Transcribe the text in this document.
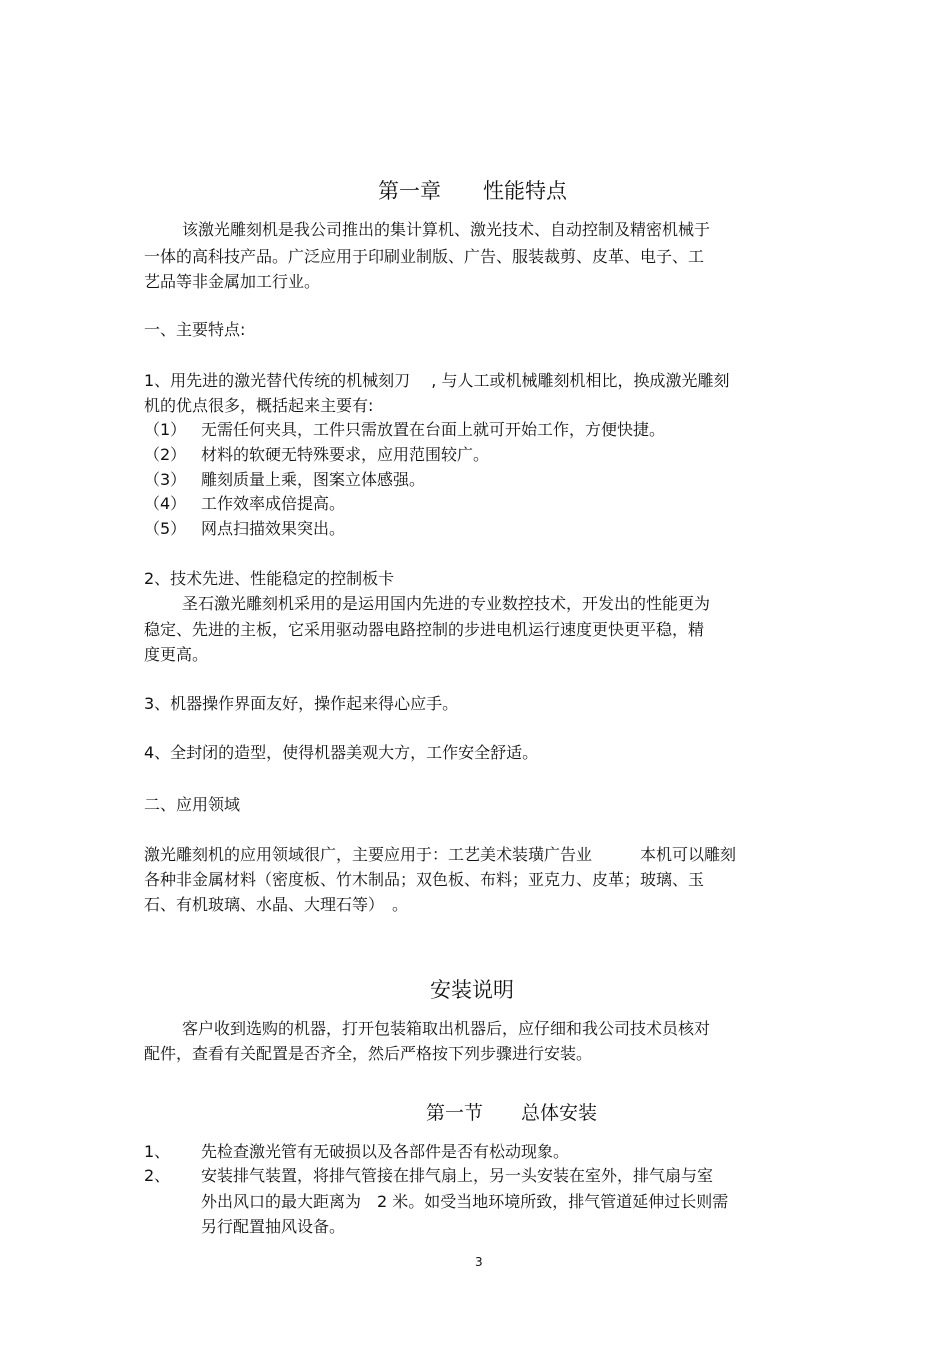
第一章　　性能特点
该激光雕刻机是我公司推出的集计算机、激光技术、自动控制及精密机械于
一体的高科技产品。广泛应用于印刷业制版、广告、服装裁剪、皮革、电子、工
艺品等非金属加工行业。
一、主要特点:
1、用先进的激光替代传统的机械刻刀　 , 与人工或机械雕刻机相比，换成激光雕刻
机的优点很多，概括起来主要有:
（1） 无需任何夹具，工件只需放置在台面上就可开始工作，方便快捷。
（2） 材料的软硬无特殊要求，应用范围较广。
（3） 雕刻质量上乘，图案立体感强。
（4） 工作效率成倍提高。
（5） 网点扫描效果突出。
2、技术先进、性能稳定的控制板卡
圣石激光雕刻机采用的是运用国内先进的专业数控技术，开发出的性能更为
稳定、先进的主板，它采用驱动器电路控制的步进电机运行速度更快更平稳，精
度更高。
3、机器操作界面友好，操作起来得心应手。
4、全封闭的造型，使得机器美观大方，工作安全舒适。
二、应用领域
激光雕刻机的应用领域很广，主要应用于：工艺美术装璜广告业　　　本机可以雕刻
各种非金属材料（密度板、竹木制品；双色板、布料；亚克力、皮革；玻璃、玉
石、有机玻璃、水晶、大理石等）　。
安装说明
客户收到选购的机器，打开包装箱取出机器后，应仔细和我公司技术员核对
配件，查看有关配置是否齐全，然后严格按下列步骤进行安装。
第一节　　总体安装
1、 先检查激光管有无破损以及各部件是否有松动现象。
2、 安装排气装置，将排气管接在排气扇上，另一头安装在室外，排气扇与室
外出风口的最大距离为　2 米。如受当地环境所致，排气管道延伸过长则需
另行配置抽风设备。
3
